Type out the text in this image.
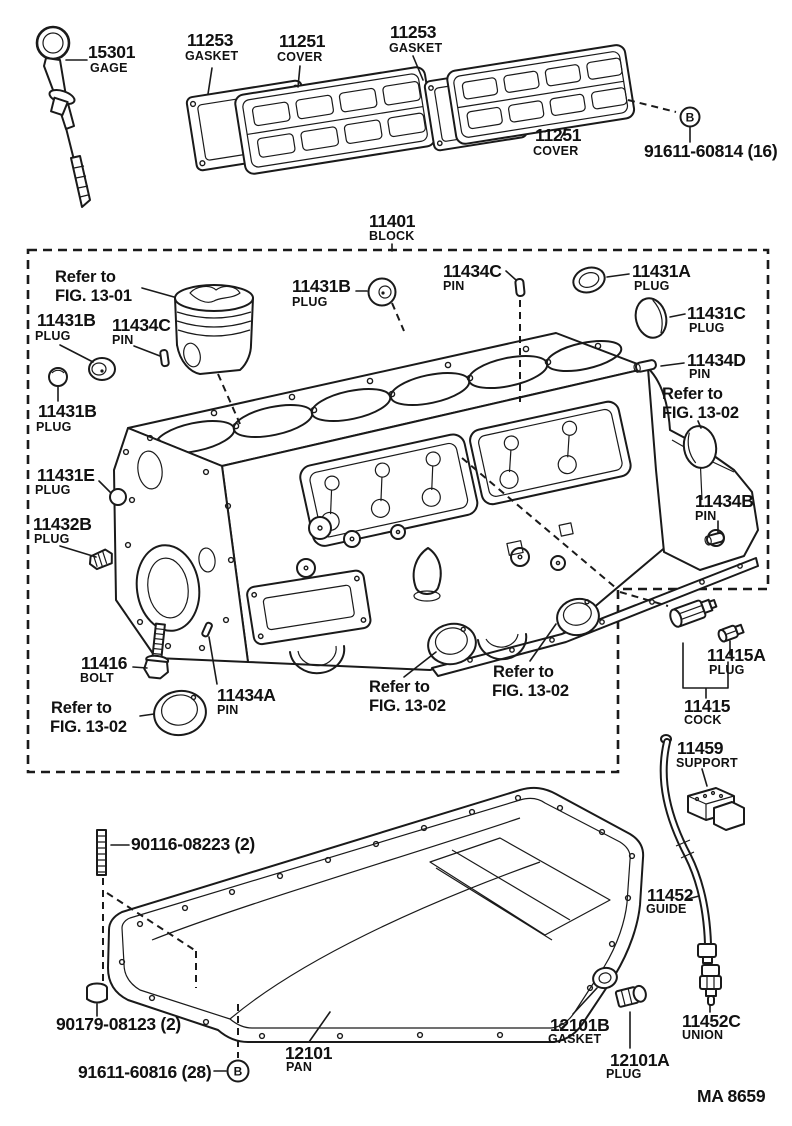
B
B
15301
GAGE
11253
GASKET
11251
COVER
11253
GASKET
11251
COVER	91611-60814 (16)
11401
BLOCK
Refer to
FIG. 13-01
11431B
PLUG
11434C
PIN
11431B
PLUG
11431B
PLUG
11434C
PIN
11431A
PLUG
11431C
PLUG
11434D
PIN
Refer to
FIG. 13-02
11431E
PLUG
11432B
PLUG
11416
BOLT
Refer to
FIG. 13-02
11434A
PIN
Refer to
FIG. 13-02
Refer to
FIG. 13-02
11434B
PIN
11415A
PLUG
11415
COCK
11459
SUPPORT
11452
GUIDE
90116-08223 (2)
90179-08123 (2)
91611-60816 (28)
12101
PAN
12101B
GASKET
12101A
PLUG
11452C
UNION
MA 8659
